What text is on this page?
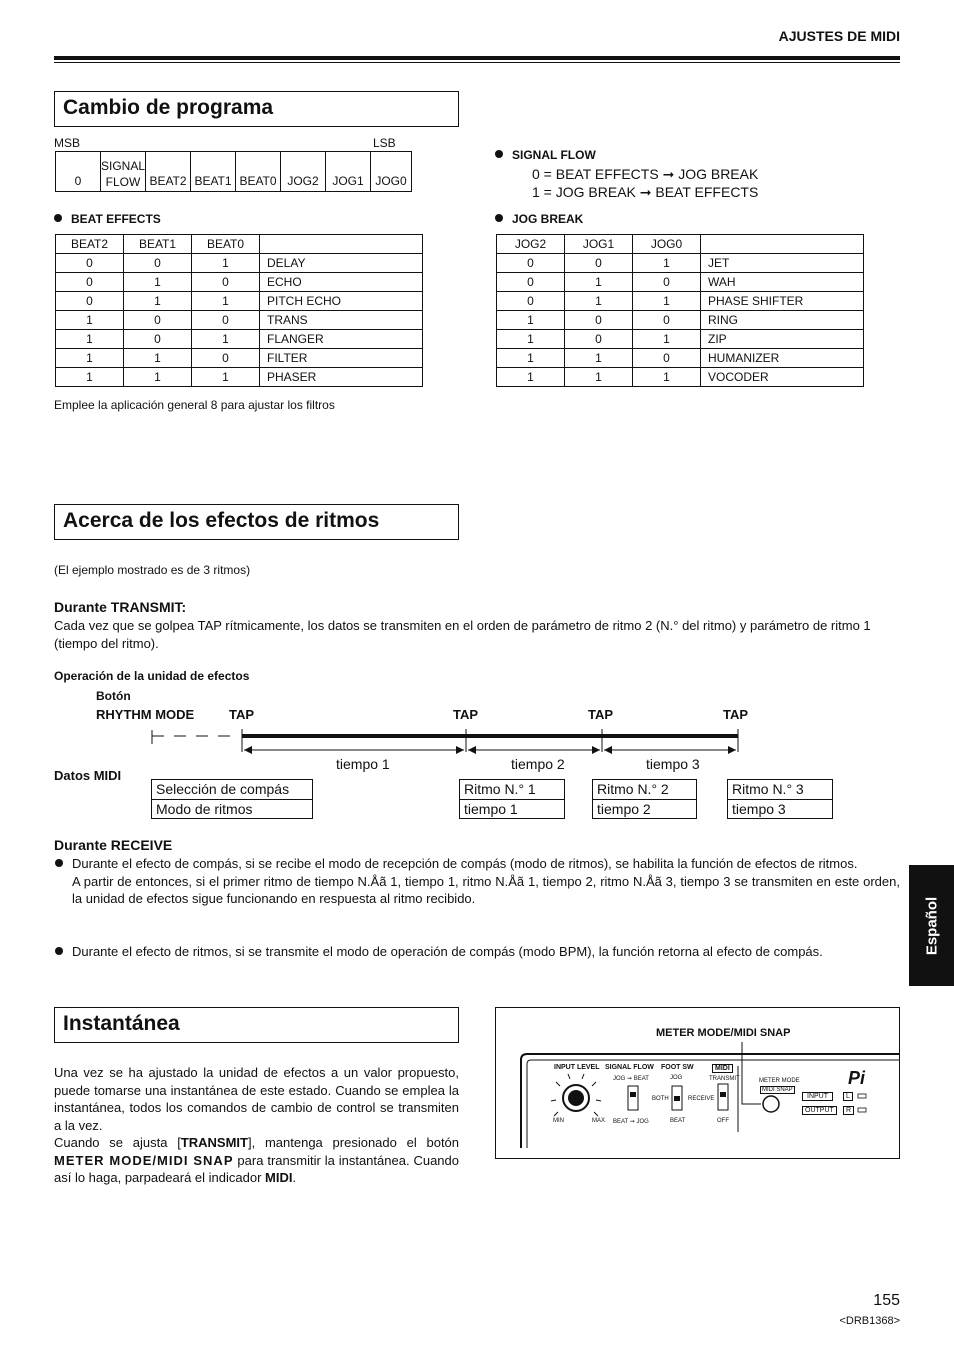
AJUSTES DE MIDI
Español
Cambio de programa
MSB	LSB
0	SIGNAL FLOW	BEAT2	BEAT1	BEAT0	JOG2	JOG1	JOG0
SIGNAL FLOW
0 = BEAT EFFECTS ➞ JOG BREAK
1 = JOG BREAK ➞ BEAT EFFECTS
BEAT EFFECTS
BEAT2	BEAT1	BEAT0	
0	0	1	DELAY
0	1	0	ECHO
0	1	1	PITCH ECHO
1	0	0	TRANS
1	0	1	FLANGER
1	1	0	FILTER
1	1	1	PHASER
Emplee la aplicación general 8 para ajustar los filtros
JOG BREAK
JOG2	JOG1	JOG0	
0	0	1	JET
0	1	0	WAH
0	1	1	PHASE SHIFTER
1	0	0	RING
1	0	1	ZIP
1	1	0	HUMANIZER
1	1	1	VOCODER
Acerca de los efectos de ritmos
(El ejemplo mostrado es de 3 ritmos)
Durante TRANSMIT:
Cada vez que se golpea TAP rítmicamente, los datos se transmiten en el orden de parámetro de ritmo 2 (N.° del ritmo) y parámetro de ritmo 1 (tiempo del ritmo).
Operación de la unidad de efectos
Botón
RHYTHM MODE	TAP	TAP	TAP	TAP
tiempo 1	tiempo 2	tiempo 3
Datos MIDI
Selección de compás
Modo de ritmos
Ritmo N.° 1
tiempo 1
Ritmo N.° 2
tiempo 2
Ritmo N.° 3
tiempo 3
Durante RECEIVE
Durante el efecto de compás, si se recibe el modo de recepción de compás (modo de ritmos), se habilita la función de efectos de ritmos.
A partir de entonces, si el primer ritmo de tiempo N.Åã 1, tiempo 1, ritmo N.Åã 1, tiempo 2, ritmo N.Åã 3, tiempo 3 se transmiten en este orden, la unidad de efectos sigue funcionando en respuesta al ritmo recibido.
Durante el efecto de ritmos, si se transmite el modo de operación de compás (modo BPM), la función retorna al efecto de compás.
Instantánea
Una vez se ha ajustado la unidad de efectos a un valor propuesto, puede tomarse una instantánea de este estado. Cuando se emplea la instantánea, todos los comandos de cambio de control se transmiten a la vez.
Cuando se ajusta [TRANSMIT], mantenga presionado el botón METER MODE/MIDI SNAP para transmitir la instantánea. Cuando así lo haga, parpadeará el indicador MIDI.
METER MODE/MIDI SNAP
INPUT LEVEL SIGNAL FLOW FOOT SW	MIDI
JOG ➞ BEAT	JOG	TRANSMIT
MIN	MAX
BOTH	RECEIVE
BEAT ➞ JOG	BEAT	OFF
METER MODE
MIDI SNAP
INPUT
OUTPUT
L
R
Pi
155
<DRB1368>
